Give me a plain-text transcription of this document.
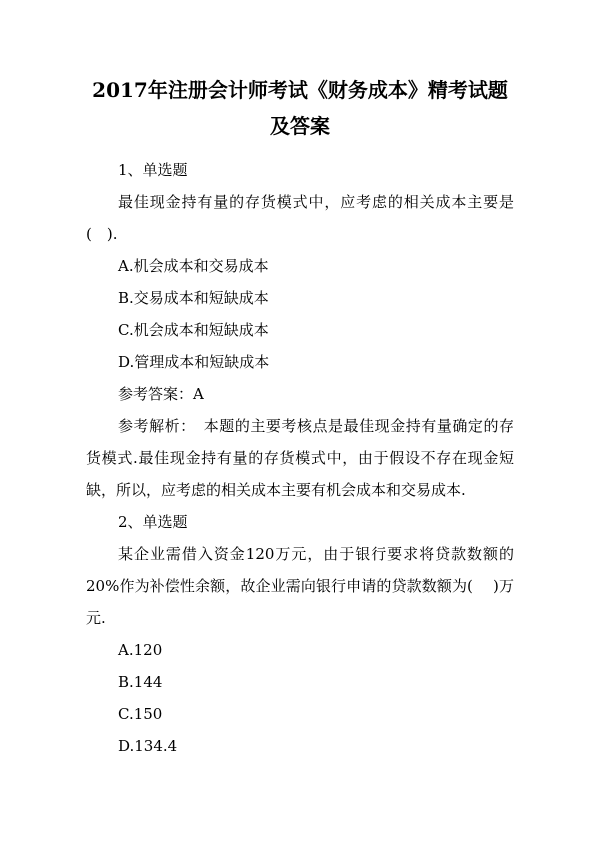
2017年注册会计师考试《财务成本》精考试题及答案

1、单选题

最佳现金持有量的存货模式中，应考虑的相关成本主要是(　).

A.机会成本和交易成本

B.交易成本和短缺成本

C.机会成本和短缺成本

D.管理成本和短缺成本

参考答案：A

参考解析：　本题的主要考核点是最佳现金持有量确定的存货模式.最佳现金持有量的存货模式中，由于假设不存在现金短缺，所以，应考虑的相关成本主要有机会成本和交易成本.

2、单选题

某企业需借入资金120万元，由于银行要求将贷款数额的 20%作为补偿性余额，故企业需向银行申请的贷款数额为(　 )万元.

A.120

B.144

C.150

D.134.4
